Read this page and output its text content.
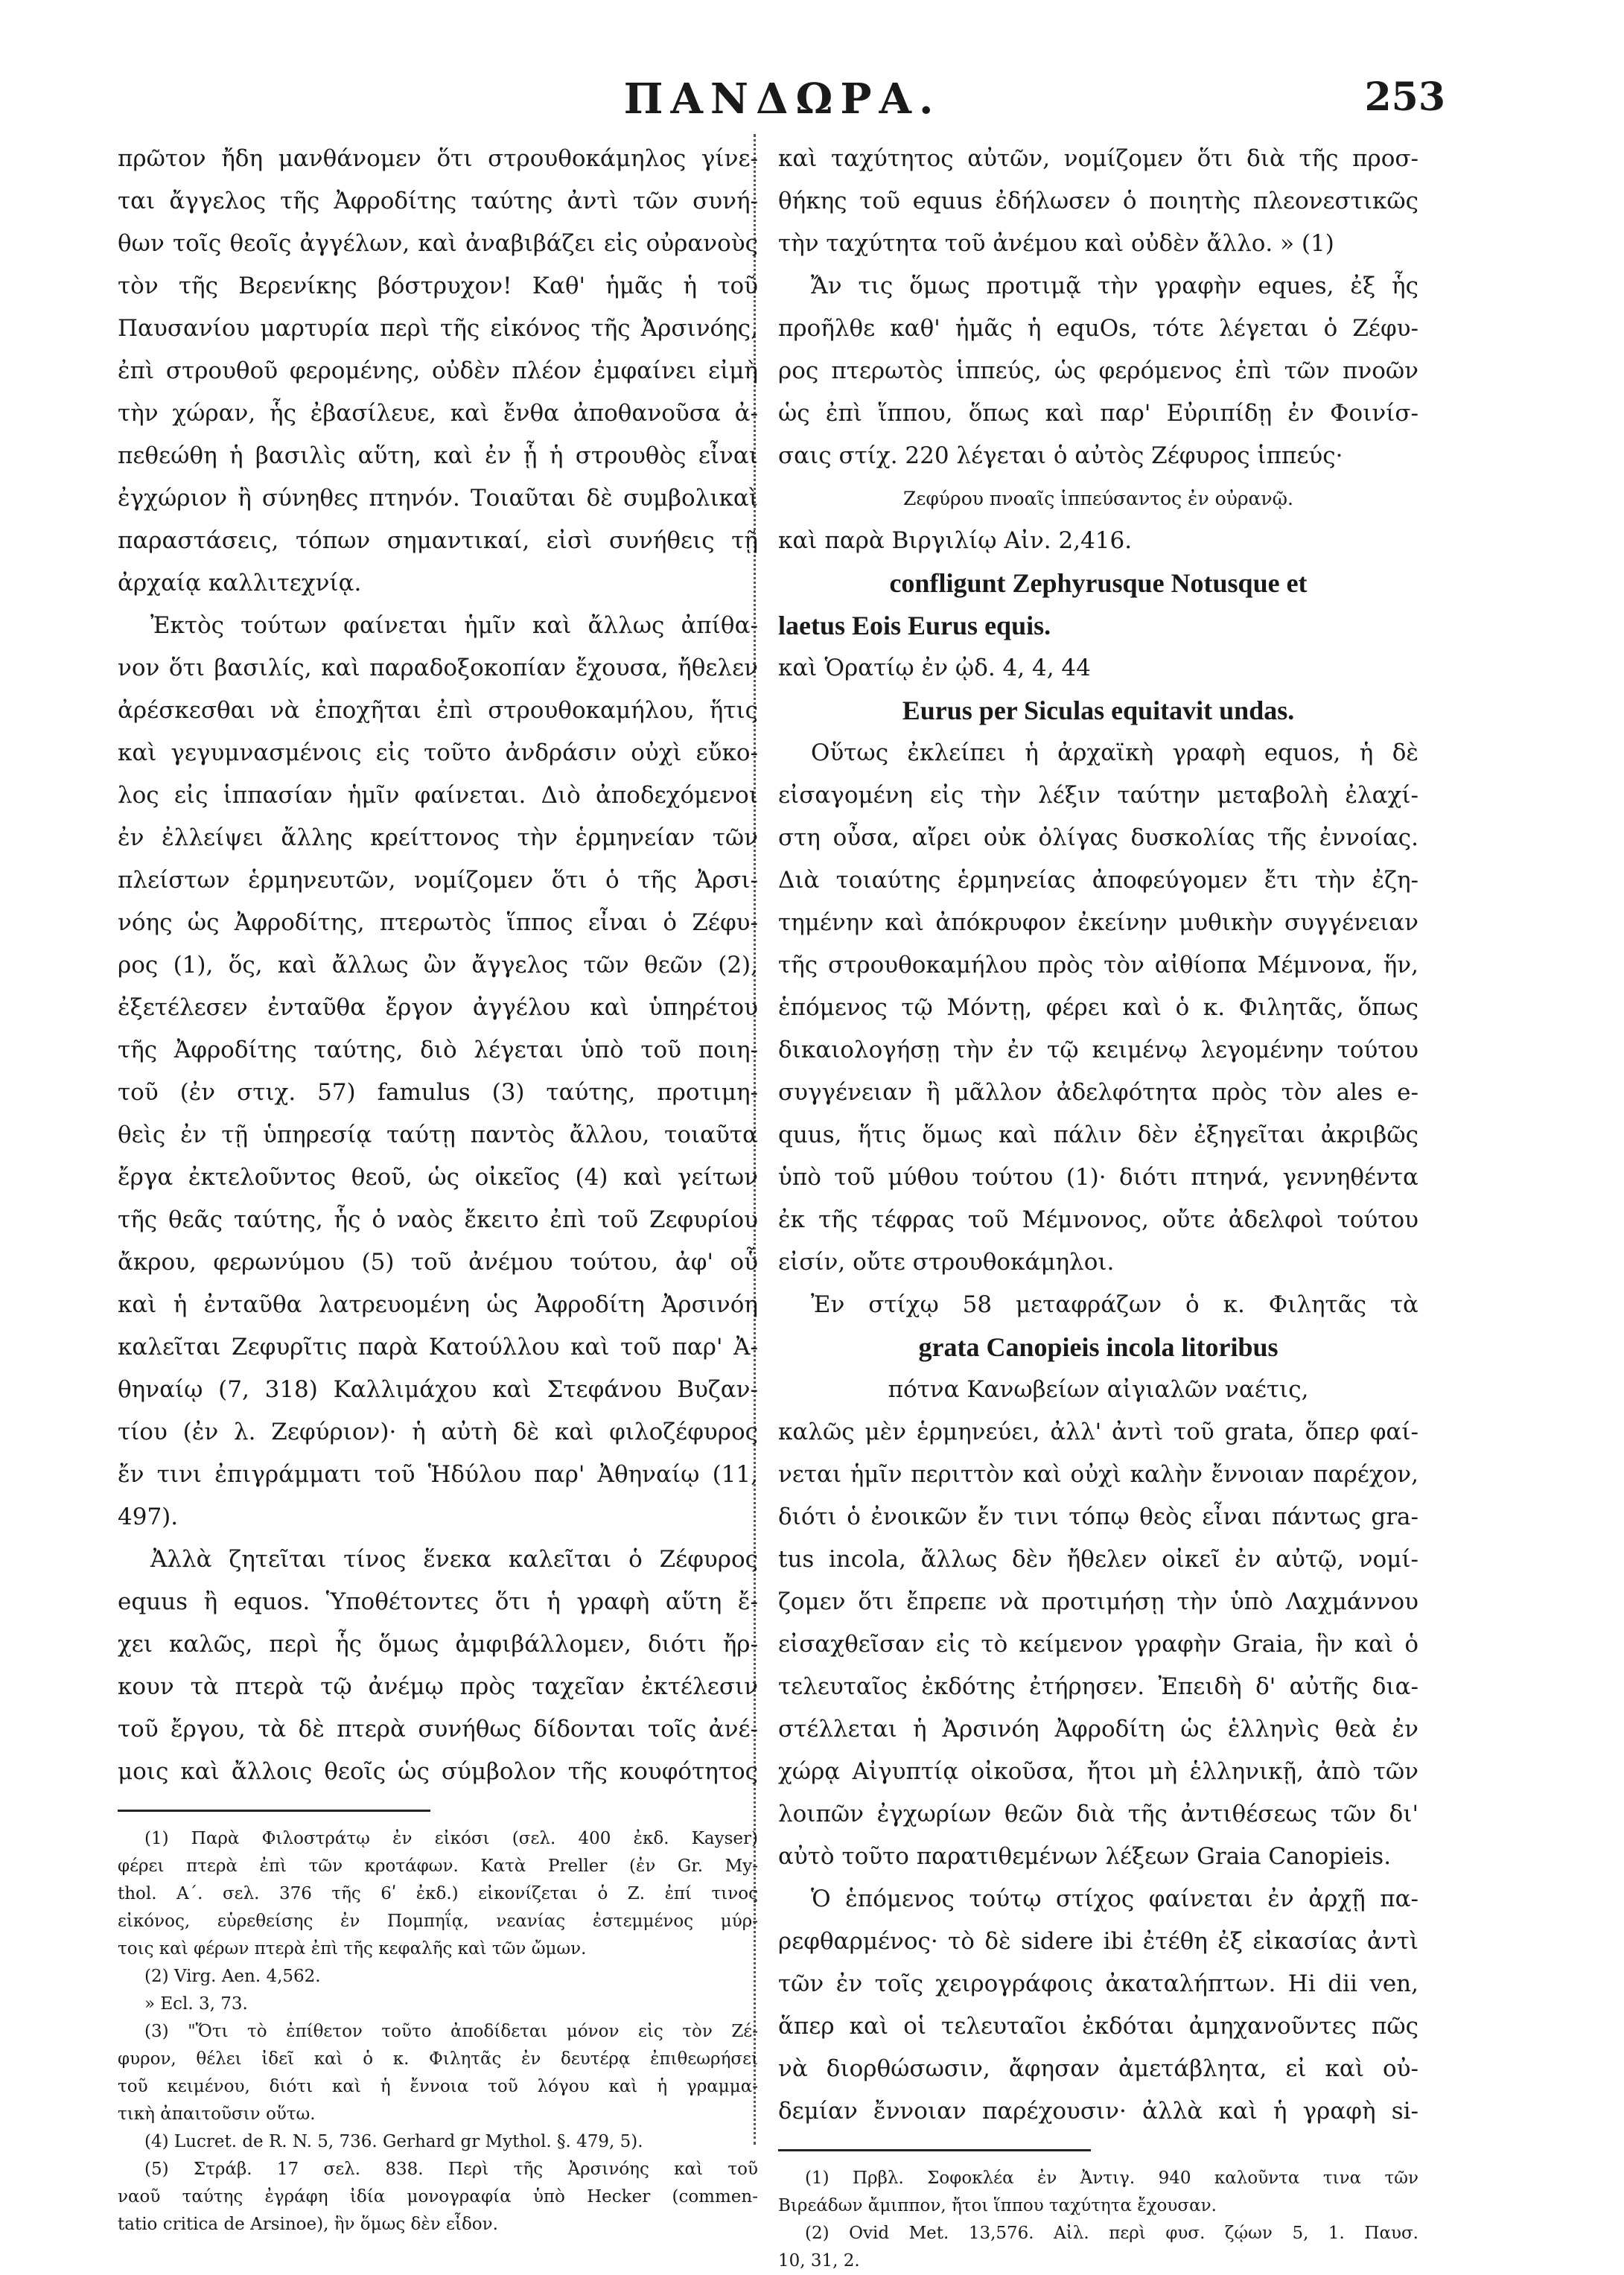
ΠΑΝΔΩΡΑ.	253
πρῶτον ἤδη μανθάνομεν ὅτι στρουθοκάμηλος γίνε-
ται ἄγγελος τῆς Ἀφροδίτης ταύτης ἀντὶ τῶν συνή-
θων τοῖς θεοῖς ἀγγέλων, καὶ ἀναβιβάζει εἰς οὐρανοὺς
τὸν τῆς Βερενίκης βόστρυχον! Καθ' ἡμᾶς ἡ τοῦ
Παυσανίου μαρτυρία περὶ τῆς εἰκόνος τῆς Ἀρσινόης,
ἐπὶ στρουθοῦ φερομένης, οὐδὲν πλέον ἐμφαίνει εἰμὴ
τὴν χώραν, ἧς ἐβασίλευε, καὶ ἔνθα ἀποθανοῦσα ἀ-
πεθεώθη ἡ βασιλὶς αὕτη, καὶ ἐν ᾗ ἡ στρουθὸς εἶναι
ἐγχώριον ἢ σύνηθες πτηνόν. Τοιαῦται δὲ συμβολικαὶ
παραστάσεις, τόπων σημαντικαί, εἰσὶ συνήθεις τῇ
ἀρχαίᾳ καλλιτεχνίᾳ.
Ἐκτὸς τούτων φαίνεται ἡμῖν καὶ ἄλλως ἀπίθα-
νον ὅτι βασιλίς, καὶ παραδοξοκοπίαν ἔχουσα, ἤθελεν
ἀρέσκεσθαι νὰ ἐποχῆται ἐπὶ στρουθοκαμήλου, ἥτις
καὶ γεγυμνασμένοις εἰς τοῦτο ἀνδράσιν οὐχὶ εὔκο-
λος εἰς ἱππασίαν ἡμῖν φαίνεται. Διὸ ἀποδεχόμενοι
ἐν ἐλλείψει ἄλλης κρείττονος τὴν ἑρμηνείαν τῶν
πλείστων ἑρμηνευτῶν, νομίζομεν ὅτι ὁ τῆς Ἀρσι-
νόης ὡς Ἀφροδίτης, πτερωτὸς ἵππος εἶναι ὁ Ζέφυ-
ρος (1), ὅς, καὶ ἄλλως ὢν ἄγγελος τῶν θεῶν (2),
ἐξετέλεσεν ἐνταῦθα ἔργον ἀγγέλου καὶ ὑπηρέτου
τῆς Ἀφροδίτης ταύτης, διὸ λέγεται ὑπὸ τοῦ ποιη-
τοῦ (ἐν στιχ. 57) famulus (3) ταύτης, προτιμη-
θεὶς ἐν τῇ ὑπηρεσίᾳ ταύτῃ παντὸς ἄλλου, τοιαῦτα
ἔργα ἐκτελοῦντος θεοῦ, ὡς οἰκεῖος (4) καὶ γείτων
τῆς θεᾶς ταύτης, ἧς ὁ ναὸς ἔκειτο ἐπὶ τοῦ Ζεφυρίου
ἄκρου, φερωνύμου (5) τοῦ ἀνέμου τούτου, ἀφ' οὗ
καὶ ἡ ἐνταῦθα λατρευομένη ὡς Ἀφροδίτη Ἀρσινόη
καλεῖται Ζεφυρῖτις παρὰ Κατούλλου καὶ τοῦ παρ' Ἀ-
θηναίῳ (7, 318) Καλλιμάχου καὶ Στεφάνου Βυζαν-
τίου (ἐν λ. Ζεφύριον)· ἡ αὐτὴ δὲ καὶ φιλοζέφυρος
ἔν τινι ἐπιγράμματι τοῦ Ἡδύλου παρ' Ἀθηναίῳ (11,
497).
Ἀλλὰ ζητεῖται τίνος ἕνεκα καλεῖται ὁ Ζέφυρος
equus ἢ equos. Ὑποθέτοντες ὅτι ἡ γραφὴ αὕτη ἔ-
χει καλῶς, περὶ ἧς ὅμως ἀμφιβάλλομεν, διότι ἤρ-
κουν τὰ πτερὰ τῷ ἀνέμῳ πρὸς ταχεῖαν ἐκτέλεσιν
τοῦ ἔργου, τὰ δὲ πτερὰ συνήθως δίδονται τοῖς ἀνέ-
μοις καὶ ἄλλοις θεοῖς ὡς σύμβολον τῆς κουφότητος
(1) Παρὰ Φιλοστράτῳ ἐν εἰκόσι (σελ. 400 ἐκδ. Kayser)
φέρει πτερὰ ἐπὶ τῶν κροτάφων. Κατὰ Preller (ἐν Gr. My-
thol. Α΄. σελ. 376 τῆς 6ʹ ἐκδ.) εἰκονίζεται ὁ Ζ. ἐπί τινος
εἰκόνος, εὑρεθείσης ἐν Πομπηΐᾳ, νεανίας ἐστεμμένος μύρ-
τοις καὶ φέρων πτερὰ ἐπὶ τῆς κεφαλῆς καὶ τῶν ὤμων.
(2) Virg. Aen. 4,562.
» Ecl. 3, 73.
(3) "Ὅτι τὸ ἐπίθετον τοῦτο ἀποδίδεται μόνον εἰς τὸν Ζέ-
φυρον, θέλει ἰδεῖ καὶ ὁ κ. Φιλητᾶς ἐν δευτέρᾳ ἐπιθεωρήσει
τοῦ κειμένου, διότι καὶ ἡ ἔννοια τοῦ λόγου καὶ ἡ γραμμα-
τικὴ ἀπαιτοῦσιν οὕτω.
(4) Lucret. de R. N. 5, 736. Gerhard gr Mythol. §. 479, 5).
(5) Στράβ. 17 σελ. 838. Περὶ τῆς Ἀρσινόης καὶ τοῦ
ναοῦ ταύτης ἐγράφη ἰδία μονογραφία ὑπὸ Hecker (commen-
tatio critica de Arsinoe), ἣν ὅμως δὲν εἶδον.
καὶ ταχύτητος αὐτῶν, νομίζομεν ὅτι διὰ τῆς προσ-
θήκης τοῦ equus ἐδήλωσεν ὁ ποιητὴς πλεονεστικῶς
τὴν ταχύτητα τοῦ ἀνέμου καὶ οὐδὲν ἄλλο. » (1)
Ἄν τις ὅμως προτιμᾷ τὴν γραφὴν eques, ἐξ ἧς
προῆλθε καθ' ἡμᾶς ἡ equOs, τότε λέγεται ὁ Ζέφυ-
ρος πτερωτὸς ἱππεύς, ὡς φερόμενος ἐπὶ τῶν πνοῶν
ὡς ἐπὶ ἵππου, ὅπως καὶ παρ' Εὐριπίδῃ ἐν Φοινίσ-
σαις στίχ. 220 λέγεται ὁ αὐτὸς Ζέφυρος ἱππεύς·
Ζεφύρου πνοαῖς ἱππεύσαντος ἐν οὐρανῷ.
καὶ παρὰ Βιργιλίῳ Αἰν. 2,416.
confligunt Zephyrusque Notusque et
laetus Eois Eurus equis.
καὶ Ὁρατίῳ ἐν ᾠδ. 4, 4, 44
Eurus per Siculas equitavit undas.
Οὕτως ἐκλείπει ἡ ἀρχαϊκὴ γραφὴ equos, ἡ δὲ
εἰσαγομένη εἰς τὴν λέξιν ταύτην μεταβολὴ ἐλαχί-
στη οὖσα, αἴρει οὐκ ὀλίγας δυσκολίας τῆς ἐννοίας.
Διὰ τοιαύτης ἑρμηνείας ἀποφεύγομεν ἔτι τὴν ἐζη-
τημένην καὶ ἀπόκρυφον ἐκείνην μυθικὴν συγγένειαν
τῆς στρουθοκαμήλου πρὸς τὸν αἰθίοπα Μέμνονα, ἥν,
ἑπόμενος τῷ Μόντῃ, φέρει καὶ ὁ κ. Φιλητᾶς, ὅπως
δικαιολογήσῃ τὴν ἐν τῷ κειμένῳ λεγομένην τούτου
συγγένειαν ἢ μᾶλλον ἀδελφότητα πρὸς τὸν ales e-
quus, ἥτις ὅμως καὶ πάλιν δὲν ἐξηγεῖται ἀκριβῶς
ὑπὸ τοῦ μύθου τούτου (1)· διότι πτηνά, γεννηθέντα
ἐκ τῆς τέφρας τοῦ Μέμνονος, οὔτε ἀδελφοὶ τούτου
εἰσίν, οὔτε στρουθοκάμηλοι.
Ἐν στίχῳ 58 μεταφράζων ὁ κ. Φιλητᾶς τὰ
grata Canopieis incola litoribus
πότνα Κανωβείων αἰγιαλῶν ναέτις,
καλῶς μὲν ἑρμηνεύει, ἀλλ' ἀντὶ τοῦ grata, ὅπερ φαί-
νεται ἡμῖν περιττὸν καὶ οὐχὶ καλὴν ἔννοιαν παρέχον,
διότι ὁ ἐνοικῶν ἔν τινι τόπῳ θεὸς εἶναι πάντως gra-
tus incola, ἄλλως δὲν ἤθελεν οἰκεῖ ἐν αὐτῷ, νομί-
ζομεν ὅτι ἔπρεπε νὰ προτιμήσῃ τὴν ὑπὸ Λαχμάννου
εἰσαχθεῖσαν εἰς τὸ κείμενον γραφὴν Graia, ἣν καὶ ὁ
τελευταῖος ἐκδότης ἐτήρησεν. Ἐπειδὴ δ' αὐτῆς δια-
στέλλεται ἡ Ἀρσινόη Ἀφροδίτη ὡς ἑλληνὶς θεὰ ἐν
χώρᾳ Αἰγυπτίᾳ οἰκοῦσα, ἤτοι μὴ ἑλληνικῇ, ἀπὸ τῶν
λοιπῶν ἐγχωρίων θεῶν διὰ τῆς ἀντιθέσεως τῶν δι'
αὐτὸ τοῦτο παρατιθεμένων λέξεων Graia Canopieis.
Ὁ ἑπόμενος τούτῳ στίχος φαίνεται ἐν ἀρχῇ πα-
ρεφθαρμένος· τὸ δὲ sidere ibi ἐτέθη ἐξ εἰκασίας ἀντὶ
τῶν ἐν τοῖς χειρογράφοις ἀκαταλήπτων. Hi dii ven,
ἅπερ καὶ οἱ τελευταῖοι ἐκδόται ἀμηχανοῦντες πῶς
νὰ διορθώσωσιν, ἄφησαν ἀμετάβλητα, εἰ καὶ οὐ-
δεμίαν ἔννοιαν παρέχουσιν· ἀλλὰ καὶ ἡ γραφὴ si-
(1) Πρβλ. Σοφοκλέα ἐν Ἀντιγ. 940 καλοῦντα τινα τῶν
Βιρεάδων ἄμιππον, ἤτοι ἵππου ταχύτητα ἔχουσαν.
(2) Ovid Met. 13,576. Αἰλ. περὶ φυσ. ζῴων 5, 1. Παυσ.
10, 31, 2.
